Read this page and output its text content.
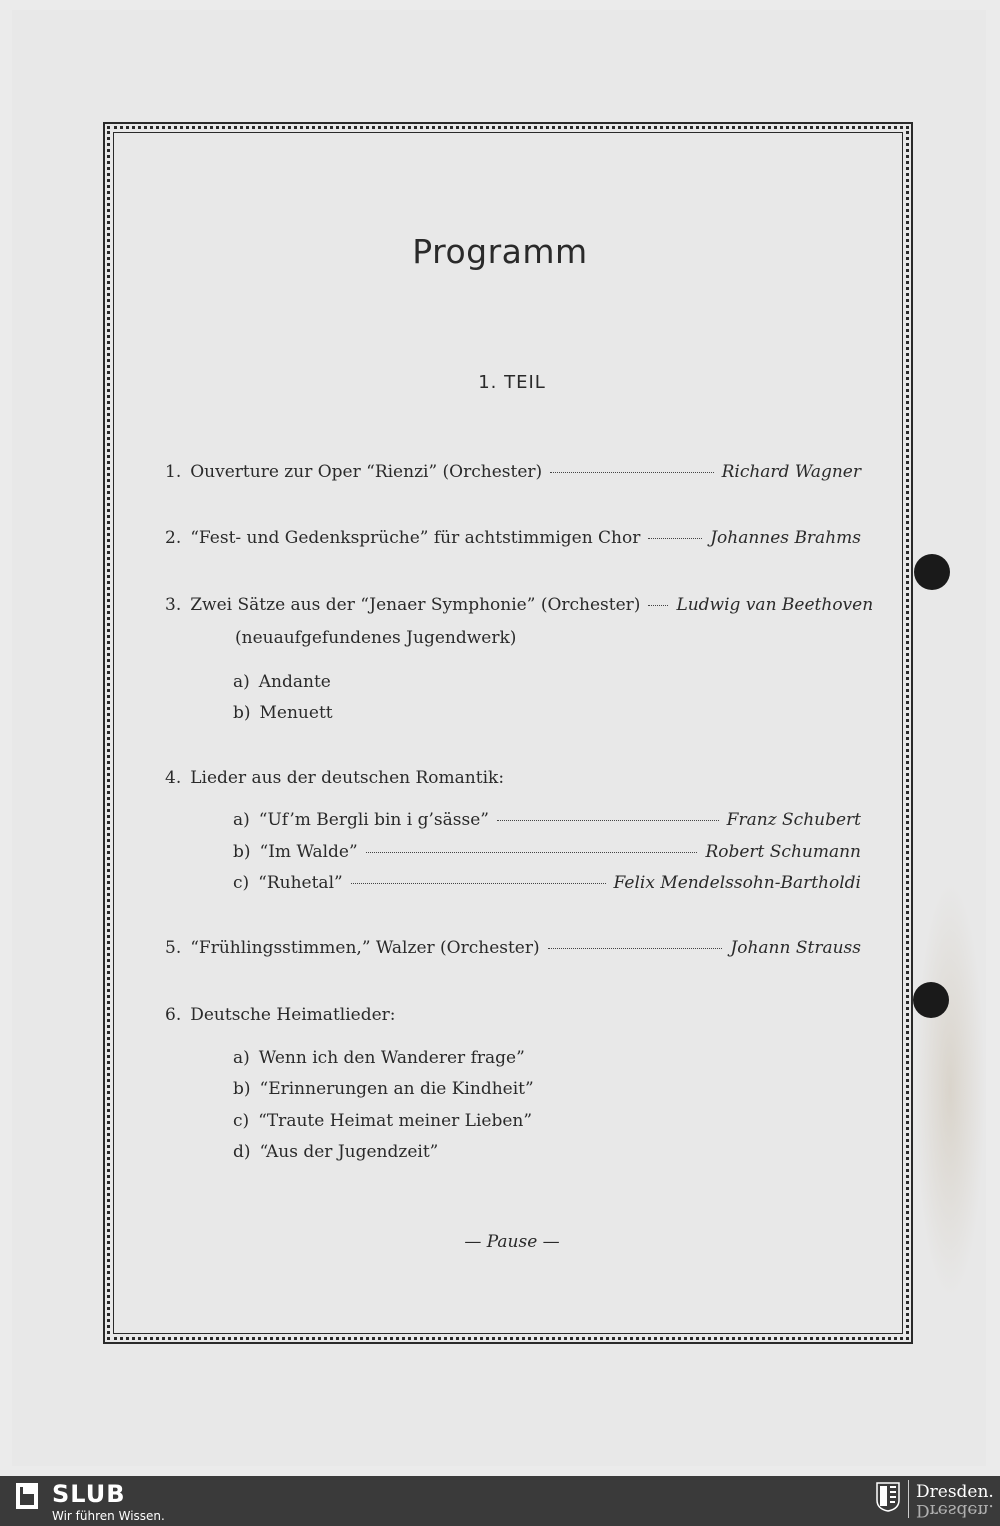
Programm
1. TEIL
1. Ouverture zur Oper “Rienzi” (Orchester)	Richard Wagner
2. “Fest- und Gedenksprüche” für achtstimmigen Chor	Johannes Brahms
3. Zwei Sätze aus der “Jenaer Symphonie” (Orchester) Ludwig van Beethoven
(neuaufgefundenes Jugendwerk)
a) Andante
b) Menuett
4. Lieder aus der deutschen Romantik:
a) “Uf’m Bergli bin i g’sässe”	Franz Schubert
b) “Im Walde”	Robert Schumann
c) “Ruhetal”	Felix Mendelssohn-Bartholdi
5. “Frühlingsstimmen,” Walzer (Orchester)	Johann Strauss
6. Deutsche Heimatlieder:
a) Wenn ich den Wanderer frage”
b) “Erinnerungen an die Kindheit”
c) “Traute Heimat meiner Lieben”
d) “Aus der Jugendzeit”
— Pause —
SLUB
Wir führen Wissen.
Dresden.
Dresden.
